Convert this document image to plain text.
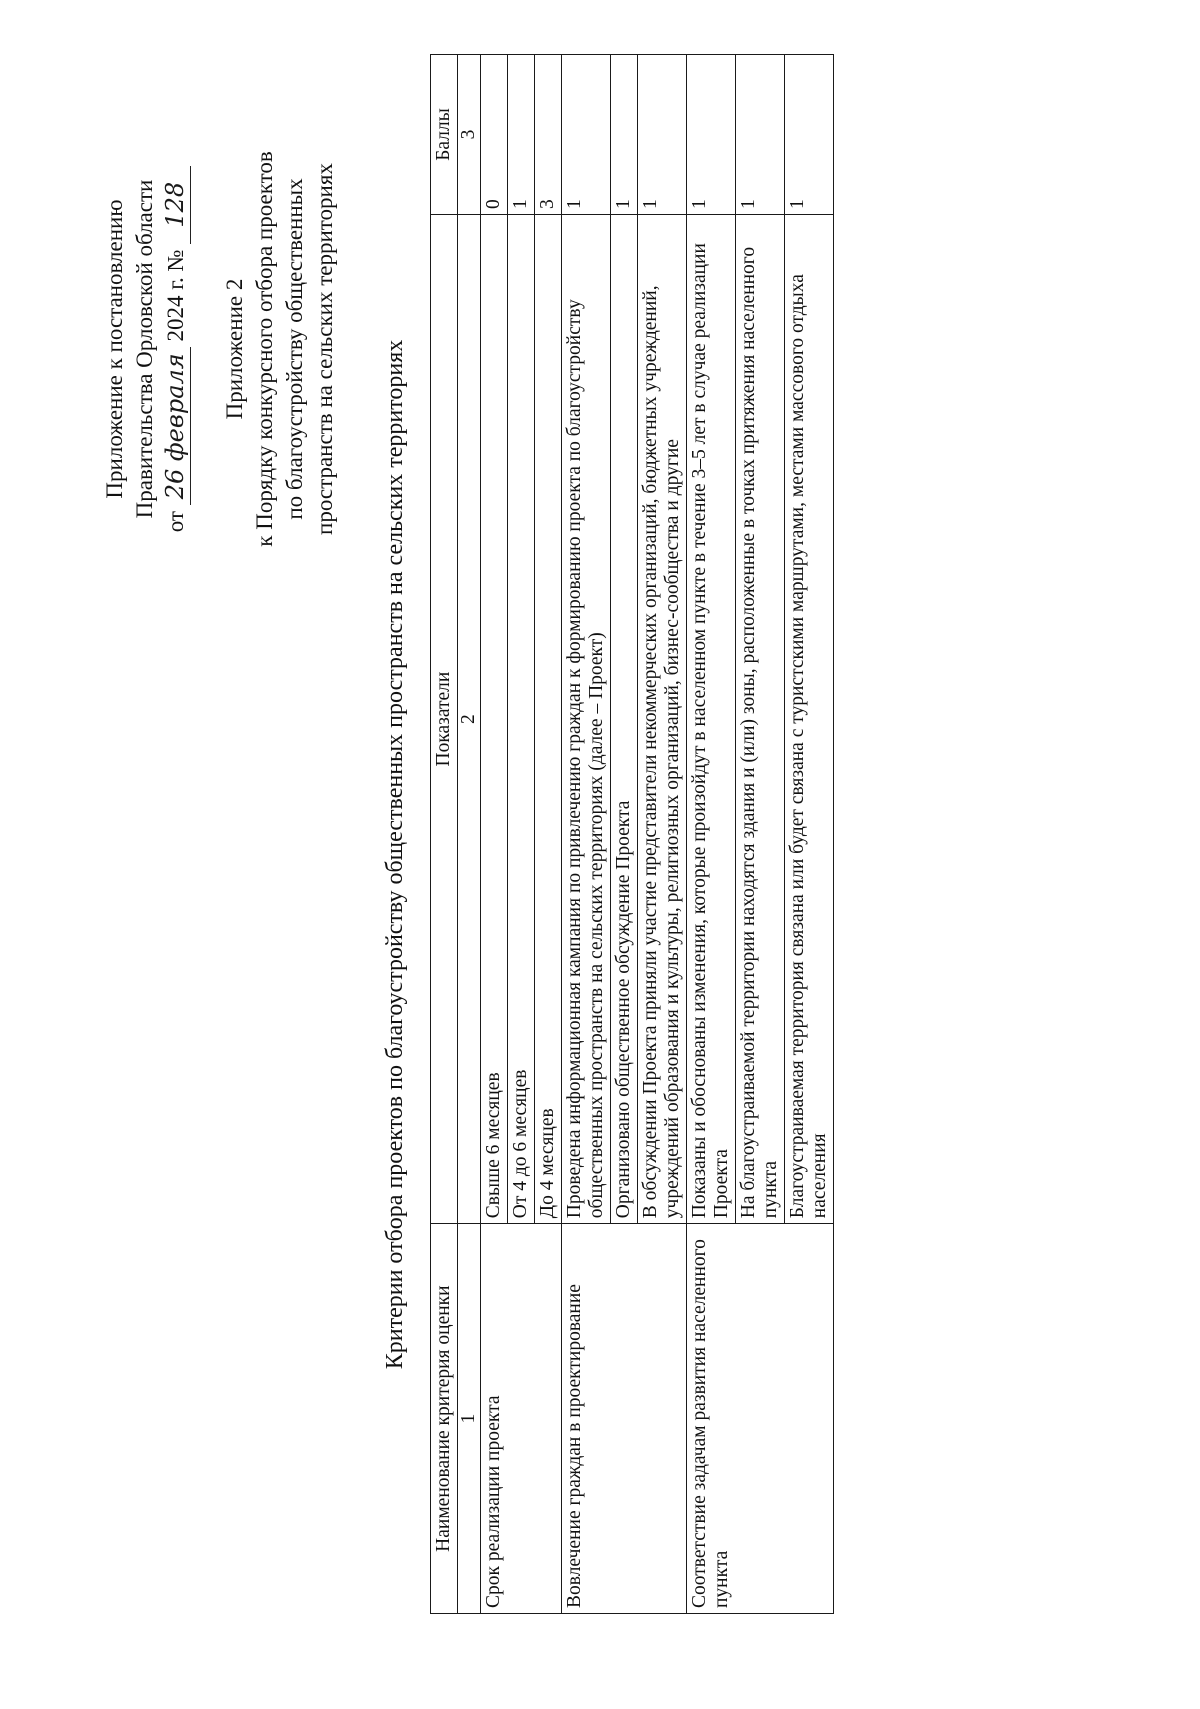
Приложение к постановлению Правительства Орловской области
от 26 февраля 2024 г. № 128
Приложение 2 к Порядку конкурсного отбора проектов по благоустройству общественных пространств на сельских территориях Критерии отбора проектов по благоустройству общественных пространств на сельских территориях
Наименование критерия оценки	Показатели	Баллы
1	2	3
Срок реализации проекта	Свыше 6 месяцев	0
	От 4 до 6 месяцев	1
	До 4 месяцев	3
Вовлечение граждан в проектирование	Проведена информационная кампания по привлечению граждан к формированию проекта по благоустройству общественных пространств на сельских территориях (далее – Проект)	1
	Организовано общественное обсуждение Проекта	1
	В обсуждении Проекта приняли участие представители некоммерческих организаций, бюджетных учреждений, учреждений образования и культуры, религиозных организаций, бизнес-сообщества и другие	1
Соответствие задачам развития населенного пункта	Показаны и обоснованы изменения, которые произойдут в населенном пункте в течение 3–5 лет в случае реализации Проекта	1
	На благоустраиваемой территории находятся здания и (или) зоны, расположенные в точках притяжения населенного пункта	1
	Благоустраиваемая территория связана или будет связана с туристскими маршрутами, местами массового отдыха населения	1
